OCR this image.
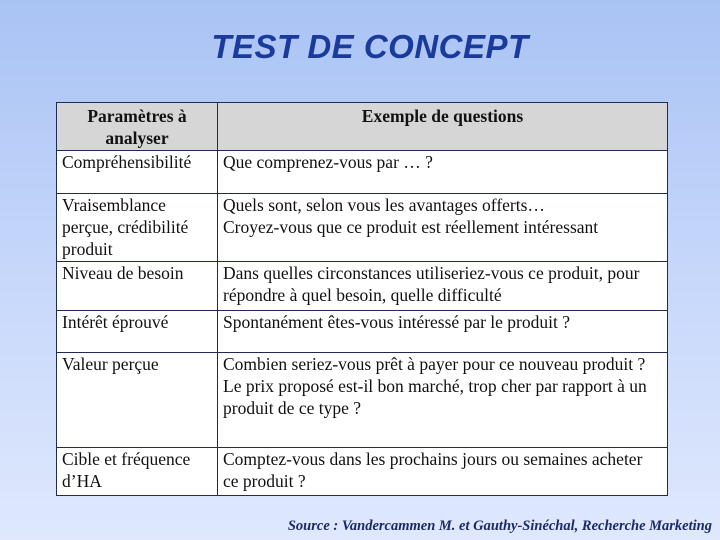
TEST DE CONCEPT
Paramètres à analyser	Exemple de questions
Compréhensibilité	Que comprenez-vous par … ?

Vraisemblance perçue, crédibilité produit	Quels sont, selon vous les avantages offerts…
Croyez-vous que ce produit est réellement intéressant

Niveau de besoin	Dans quelles circonstances utiliseriez-vous ce produit, pour répondre à quel besoin, quelle difficulté

Intérêt éprouvé	Spontanément êtes-vous intéressé par le produit ?

Valeur perçue	Combien seriez-vous prêt à payer pour ce nouveau produit ?
Le prix proposé est-il bon marché, trop cher par rapport à un produit de ce type ?

Cible et fréquence d’HA	Comptez-vous dans les prochains jours ou semaines acheter ce produit ?
Source : Vandercammen M. et Gauthy-Sinéchal, Recherche Marketing
